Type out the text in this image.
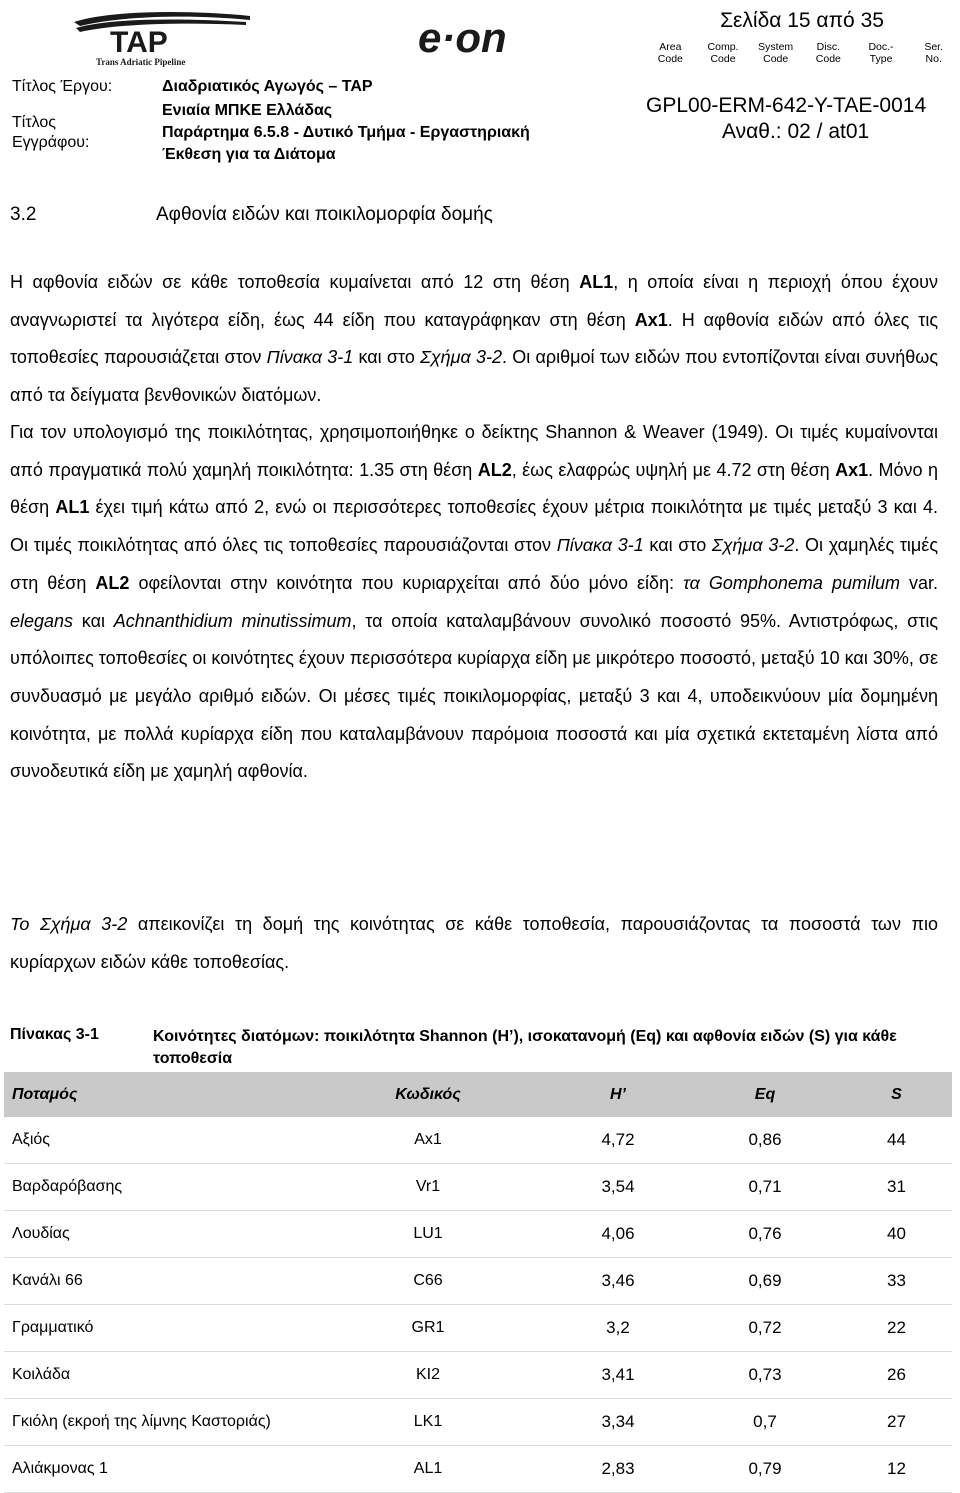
TAP
Trans Adriatic Pipeline
e·on	Σελίδα 15 από 35
Area
Code
Comp.
Code
System
Code
Disc.
Code
Doc.-
Type
Ser.
No.
Τίτλος Έργου:	Διαδριατικός Αγωγός – TAP
Τίτλος
Εγγράφου:
Ενιαία ΜΠΚΕ Ελλάδας
Παράρτημα 6.5.8 - Δυτικό Τμήμα - Εργαστηριακή
Έκθεση για τα Διάτομα
GPL00-ERM-642-Y-TAE-0014
Αναθ.: 02 / at01
3.2	Αφθονία ειδών και ποικιλομορφία δομής

Η αφθονία ειδών σε κάθε τοποθεσία κυμαίνεται από 12 στη θέση AL1, η οποία είναι η περιοχή όπου έχουν αναγνωριστεί τα λιγότερα είδη, έως 44 είδη που καταγράφηκαν στη θέση Ax1. Η αφθονία ειδών από όλες τις τοποθεσίες παρουσιάζεται στον Πίνακα 3-1 και στο Σχήμα 3-2. Οι αριθμοί των ειδών που εντοπίζονται είναι συνήθως από τα δείγματα βενθονικών διατόμων.

Για τον υπολογισμό της ποικιλότητας, χρησιμοποιήθηκε ο δείκτης Shannon & Weaver (1949). Οι τιμές κυμαίνονται από πραγματικά πολύ χαμηλή ποικιλότητα: 1.35 στη θέση AL2, έως ελαφρώς υψηλή με 4.72 στη θέση Ax1. Μόνο η θέση AL1 έχει τιμή κάτω από 2, ενώ οι περισσότερες τοποθεσίες έχουν μέτρια ποικιλότητα με τιμές μεταξύ 3 και 4. Οι τιμές ποικιλότητας από όλες τις τοποθεσίες παρουσιάζονται στον Πίνακα 3-1 και στο Σχήμα 3-2. Οι χαμηλές τιμές στη θέση AL2 οφείλονται στην κοινότητα που κυριαρχείται από δύο μόνο είδη: τα Gomphonema pumilum var. elegans και Achnanthidium minutissimum, τα οποία καταλαμβάνουν συνολικό ποσοστό 95%. Αντιστρόφως, στις υπόλοιπες τοποθεσίες οι κοινότητες έχουν περισσότερα κυρίαρχα είδη με μικρότερο ποσοστό, μεταξύ 10 και 30%, σε συνδυασμό με μεγάλο αριθμό ειδών. Οι μέσες τιμές ποικιλομορφίας, μεταξύ 3 και 4, υποδεικνύουν μία δομημένη κοινότητα, με πολλά κυρίαρχα είδη που καταλαμβάνουν παρόμοια ποσοστά και μία σχετικά εκτεταμένη λίστα από συνοδευτικά είδη με χαμηλή αφθονία.

Το Σχήμα 3-2 απεικονίζει τη δομή της κοινότητας σε κάθε τοποθεσία, παρουσιάζοντας τα ποσοστά των πιο κυρίαρχων ειδών κάθε τοποθεσίας.

Πίνακας 3-1	Κοινότητες διατόμων: ποικιλότητα Shannon (H’), ισοκατανομή (Eq) και αφθονία ειδών (S) για κάθε τοποθεσία
Ποταμός	Κωδικός	H’	Eq	S
Αξιός	Ax1	4,72	0,86	44
Βαρδαρόβασης	Vr1	3,54	0,71	31
Λουδίας	LU1	4,06	0,76	40
Κανάλι 66	C66	3,46	0,69	33
Γραμματικό	GR1	3,2	0,72	22
Κοιλάδα	KI2	3,41	0,73	26
Γκιόλη (εκροή της λίμνης Καστοριάς)	LK1	3,34	0,7	27
Αλιάκμονας 1	AL1	2,83	0,79	12
